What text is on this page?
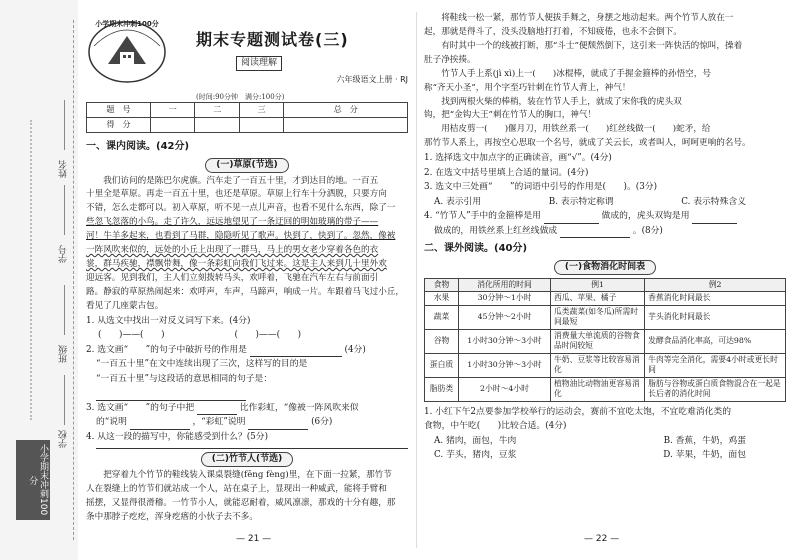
姓名
学号
班级
学校
小学期末冲刺100分
小学期末冲刺100分
期末专题测试卷(三)
阅读理解
六年级语文上册 · RJ
(时间:90分钟　满分:100分)
题　号	一	二	三	总　分
得　分				
一、课内阅读。(42分)
(一)草原(节选)
我们访问的是陈巴尔虎旗。汽车走了一百五十里，才到达目的地。一百五
十里全是草原。再走一百五十里，也还是草原。草原上行车十分洒脱，只要方向
不错，怎么走都可以。初入草原，听不见一点儿声音，也看不见什么东西，除了一
些忽飞忽落的小鸟。走了许久，远远地望见了一条迂回的明如玻璃的带子——
河！牛羊多起来，也看到了马群，隐隐听见了歌声。快到了，快到了。忽然，像被
一阵风吹来似的，远处的小丘上出现了一群马，马上的男女老少穿着各色的衣
裳，群马疾驰，襟飘带舞，像一条彩虹向我们飞过来。这是主人来到几十里外欢
迎远客。见到我们，主人们立刻拨转马头，欢呼着，飞驰在汽车左右与前面引
路。静寂的草原热闹起来：欢呼声，车声，马蹄声，响成一片。车跟着马飞过小丘，
看见了几座蒙古包。
1. 从选文中找出一对反义词写下来。(4分)
(　　)——(　　)	(　　)——(　　)
2. 选文画“　　”的句子中破折号的作用是	(4分)
“一百五十里”在文中连续出现了三次，这样写的目的是
“一百五十里”与这段话的意思相同的句子是：
3. 选文画“　　”的句子中把	比作彩虹，“像被一阵风吹来似
的“说明	，“彩虹”说明	(6分)
4. 从这一段的描写中，你能感受到什么？(5分)
(二)竹节人(节选)
把穿着九个竹节的鞋线装入课桌裂缝(fēng fèng)里，在下面一拉紧，那竹节
人在裂缝上的竹节们就站成一个人，站在桌子上，显现出一种威武，能将手臂和
摇摆，又显得很滑稽。一竹节小人，就能忍耐着，威风凛凛，那戏的十分有趣，那
条中那脖子疙疙，浑身疙瘩的小伙子去不多。
— 21 —
将鞋线一松一紧，那竹节人便拔手舞之，身摆之地动起来。两个竹节人放在一
起，那就是得斗了，没头没脑地打打着，不知疲倦，也永不会倒下。
有时其中一个的线被打断，那“斗士”便颓然倒下，这引来一阵快活的惊叫，操着
肚子净挨揍。
竹节人手上系(jì xì)上一(　　)冰棍棒，就成了手握金箍棒的孙悟空，号
称“齐天小圣”，用个字至巧针刺在竹节人背上，神气！
找到两根火柴的棒梢，装在竹节人手上，就成了宋你我的虎头双
钩，把“金钩大王”刺在竹节人的胸口，神气！
用桔皮剪一(　　)偃月刀，用铁丝系一(　　)红丝线做一(　　)蛇矛，给
那竹节人系上，再按空心思取一个名号，就成了关云长，或者叫人，呵呵更响的名号。
1. 选择选文中加点字的正确读音，画“√”。(4分)
2. 在选文中括号里填上合适的量词。(4分)
3. 选文中三处画“　　”的词语中引号的作用是(　　)。(3分)
A. 表示引用	B. 表示特定称谓	C. 表示特殊含义
4. “竹节人”手中的金箍棒是用	做成的，虎头双钩是用
做成的，用铁丝系上红丝线做成	。(8分)
二、课外阅读。(40分)
(一)食物消化时间表
食物	消化所用的时间	例1	例2
水果	30分钟～1小时	西瓜、苹果、橘子	香蕉消化时间最长
蔬菜	45分钟～2小时	瓜类蔬菜(如冬瓜)所需时间最短	芋头消化时间最长
谷物	1小时30分钟～3小时	消费量大单流质的谷物食品时间较短	发酵食品消化率高，可达98%
蛋白质	1小时30分钟～3小时	牛奶、豆浆等比较容易消化	牛肉等完全消化，需要4小时或更长时间
脂肪类	2小时～4小时	植物油比动物油更容易消化	脂肪与谷物或蛋白质食物混合在一起是长后者的消化时间
1. 小红下午2点要参加学校举行的运动会，赛前不宜吃太饱，不宜吃难消化类的
食物，中午吃(　　)比较合适。(4分)
A. 猪肉，面包，牛肉	B. 香蕉，牛奶，鸡蛋
C. 芋头，猪肉，豆浆	D. 苹果，牛奶，面包
— 22 —
